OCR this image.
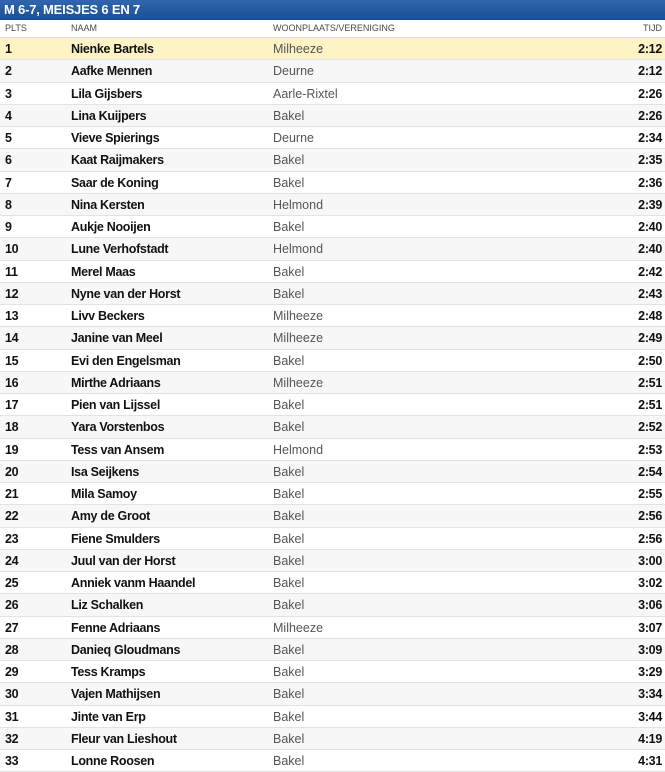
M 6-7, MEISJES 6 EN 7
PLTS	NAAM	WOONPLAATS/VERENIGING	TIJD
1	Nienke Bartels	Milheeze	2:12
2	Aafke Mennen	Deurne	2:12
3	Lila Gijsbers	Aarle-Rixtel	2:26
4	Lina Kuijpers	Bakel	2:26
5	Vieve Spierings	Deurne	2:34
6	Kaat Raijmakers	Bakel	2:35
7	Saar de Koning	Bakel	2:36
8	Nina Kersten	Helmond	2:39
9	Aukje Nooijen	Bakel	2:40
10	Lune Verhofstadt	Helmond	2:40
11	Merel Maas	Bakel	2:42
12	Nyne van der Horst	Bakel	2:43
13	Livv Beckers	Milheeze	2:48
14	Janine van Meel	Milheeze	2:49
15	Evi den Engelsman	Bakel	2:50
16	Mirthe Adriaans	Milheeze	2:51
17	Pien van Lijssel	Bakel	2:51
18	Yara Vorstenbos	Bakel	2:52
19	Tess van Ansem	Helmond	2:53
20	Isa Seijkens	Bakel	2:54
21	Mila Samoy	Bakel	2:55
22	Amy de Groot	Bakel	2:56
23	Fiene Smulders	Bakel	2:56
24	Juul van der Horst	Bakel	3:00
25	Anniek vanm Haandel	Bakel	3:02
26	Liz Schalken	Bakel	3:06
27	Fenne Adriaans	Milheeze	3:07
28	Danieq Gloudmans	Bakel	3:09
29	Tess Kramps	Bakel	3:29
30	Vajen Mathijsen	Bakel	3:34
31	Jinte van Erp	Bakel	3:44
32	Fleur van Lieshout	Bakel	4:19
33	Lonne Roosen	Bakel	4:31
